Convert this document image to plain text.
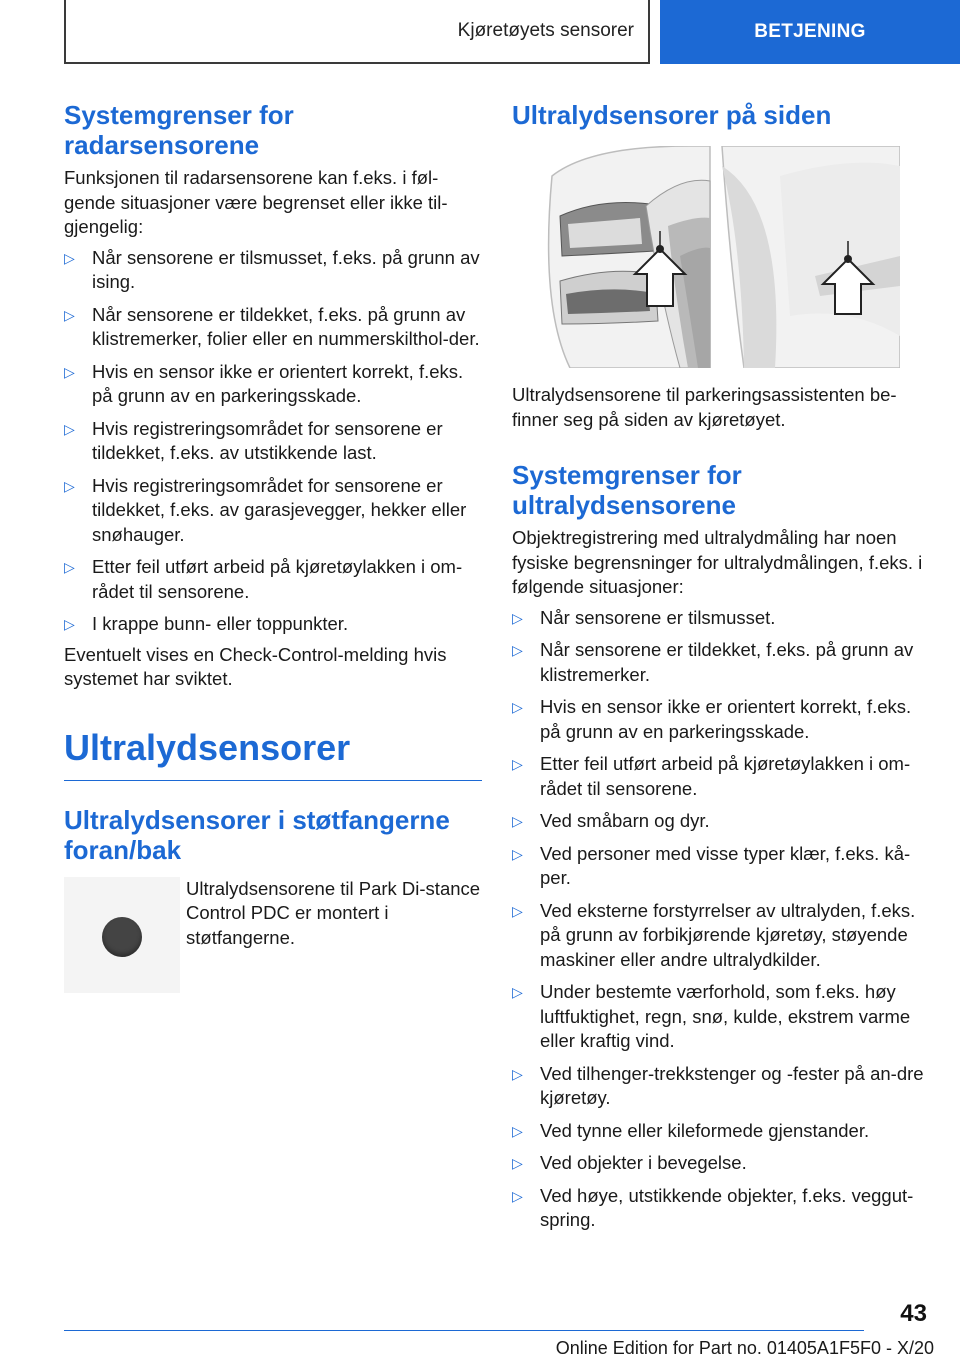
Kjøretøyets sensorer	BETJENING
Systemgrenser for radarsensorene

Funksjonen til radarsensorene kan f.eks. i føl-gende situasjoner være begrenset eller ikke til-gjengelig:

▷ Når sensorene er tilsmusset, f.eks. på grunn av ising.
▷ Når sensorene er tildekket, f.eks. på grunn av klistremerker, folier eller en nummerskilthol-der.
▷ Hvis en sensor ikke er orientert korrekt, f.eks. på grunn av en parkeringsskade.
▷ Hvis registreringsområdet for sensorene er tildekket, f.eks. av utstikkende last.
▷ Hvis registreringsområdet for sensorene er tildekket, f.eks. av garasjevegger, hekker eller snøhauger.
▷ Etter feil utført arbeid på kjøretøylakken i om-rådet til sensorene.
▷ I krappe bunn- eller toppunkter.

Eventuelt vises en Check-Control-melding hvis systemet har sviktet.

Ultralydsensorer
Ultralydsensorer i støtfangerne foran/bak

Ultralydsensorene til Park Di-stance Control PDC er montert i støtfangerne.

Ultralydsensorer på siden

Ultralydsensorene til parkeringsassistenten be-finner seg på siden av kjøretøyet.

Systemgrenser for ultralydsensorene

Objektregistrering med ultralydmåling har noen fysiske begrensninger for ultralydmålingen, f.eks. i følgende situasjoner:

▷ Når sensorene er tilsmusset.
▷ Når sensorene er tildekket, f.eks. på grunn av klistremerker.
▷ Hvis en sensor ikke er orientert korrekt, f.eks. på grunn av en parkeringsskade.
▷ Etter feil utført arbeid på kjøretøylakken i om-rådet til sensorene.
▷ Ved småbarn og dyr.
▷ Ved personer med visse typer klær, f.eks. kå-per.
▷ Ved eksterne forstyrrelser av ultralyden, f.eks. på grunn av forbikjørende kjøretøy, støyende maskiner eller andre ultralydkilder.
▷ Under bestemte værforhold, som f.eks. høy luftfuktighet, regn, snø, kulde, ekstrem varme eller kraftig vind.
▷ Ved tilhenger-trekkstenger og -fester på an-dre kjøretøy.
▷ Ved tynne eller kileformede gjenstander.
▷ Ved objekter i bevegelse.
▷ Ved høye, utstikkende objekter, f.eks. veggut-spring.
43
Online Edition for Part no. 01405A1F5F0 - X/20
